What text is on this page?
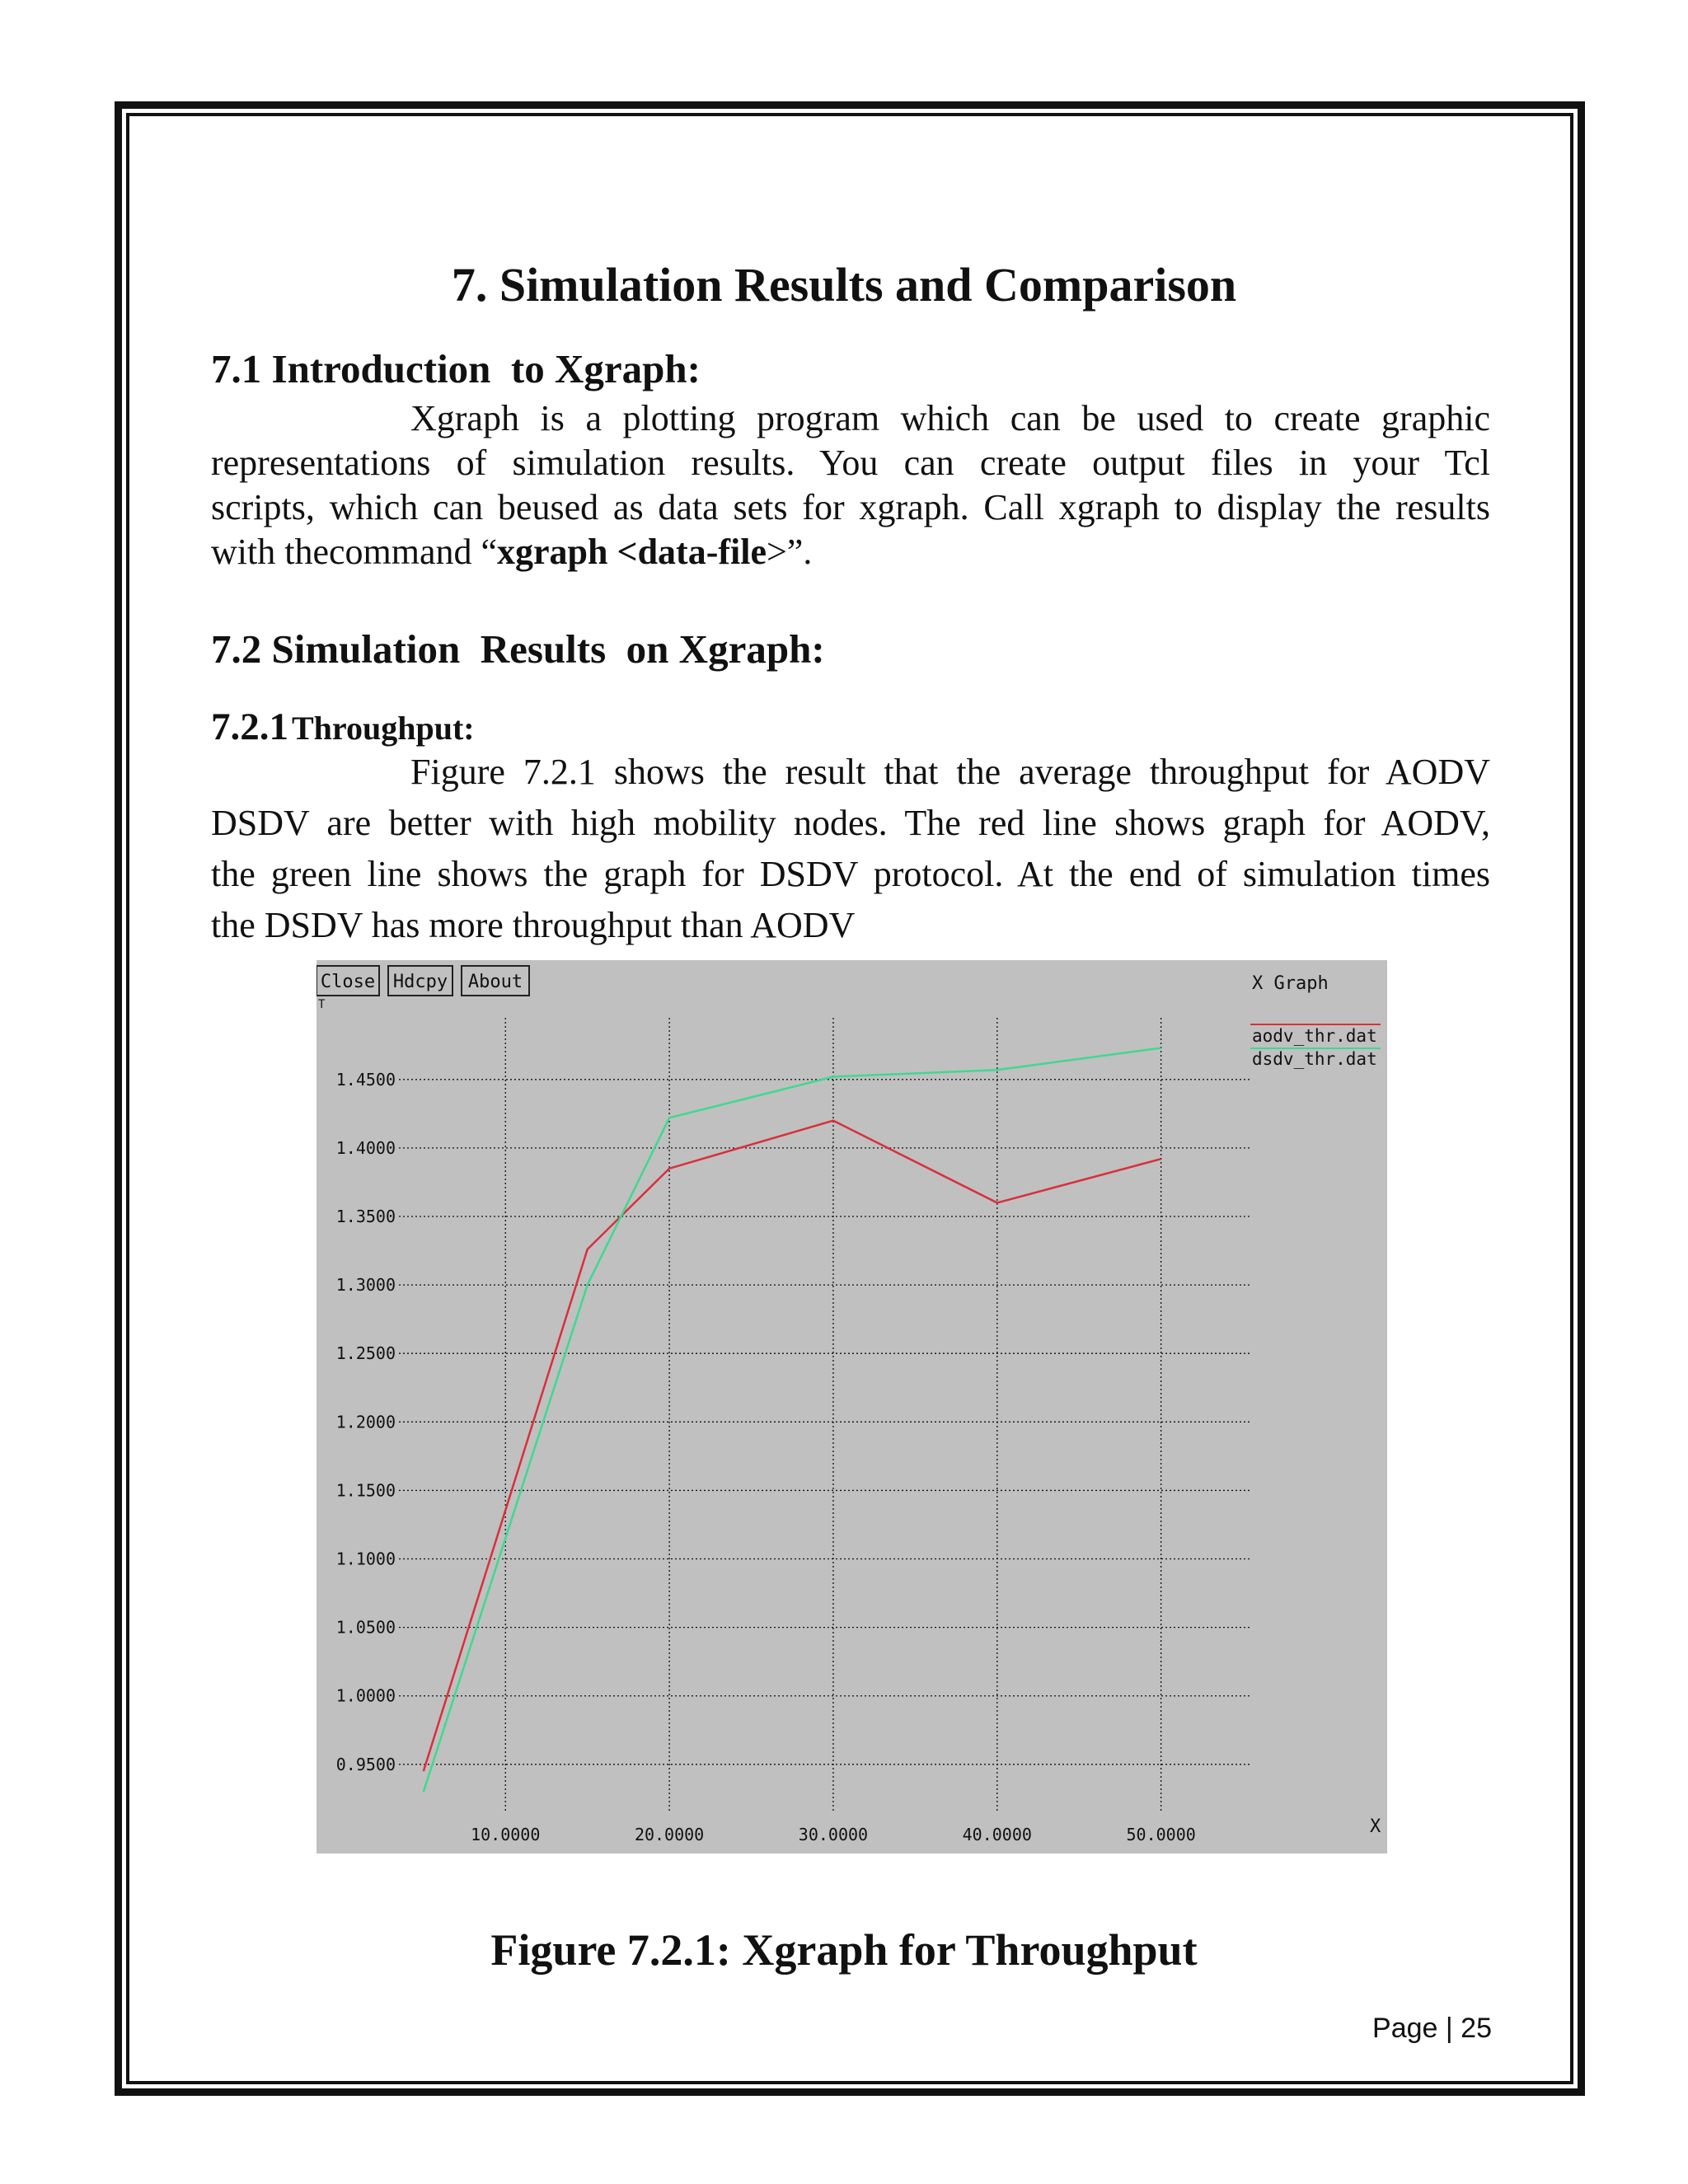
7. Simulation Results and Comparison
7.1 Introduction  to Xgraph:
Xgraph is a plotting program which can be used to create graphic
representations of simulation results. You can create output files in your Tcl
scripts, which can beused as data sets for xgraph. Call xgraph to display the results
with thecommand “xgraph <data-file>”.
7.2 Simulation  Results  on Xgraph:
7.2.1 Throughput:
Figure 7.2.1 shows the result that the average throughput for AODV
DSDV are better with high mobility nodes. The red line shows graph for AODV,
the green line shows the graph for DSDV protocol. At the end of simulation times
the DSDV has more throughput than AODV
Close Hdcpy About	X Graph
T
X
aodv_thr.dat
dsdv_thr.dat
0.9500
1.0000
1.0500
1.1000
1.1500
1.2000
1.2500
1.3000
1.3500
1.4000
1.4500
10.0000	20.0000	30.0000	40.0000	50.0000
Figure 7.2.1: Xgraph for Throughput
Page | 25
